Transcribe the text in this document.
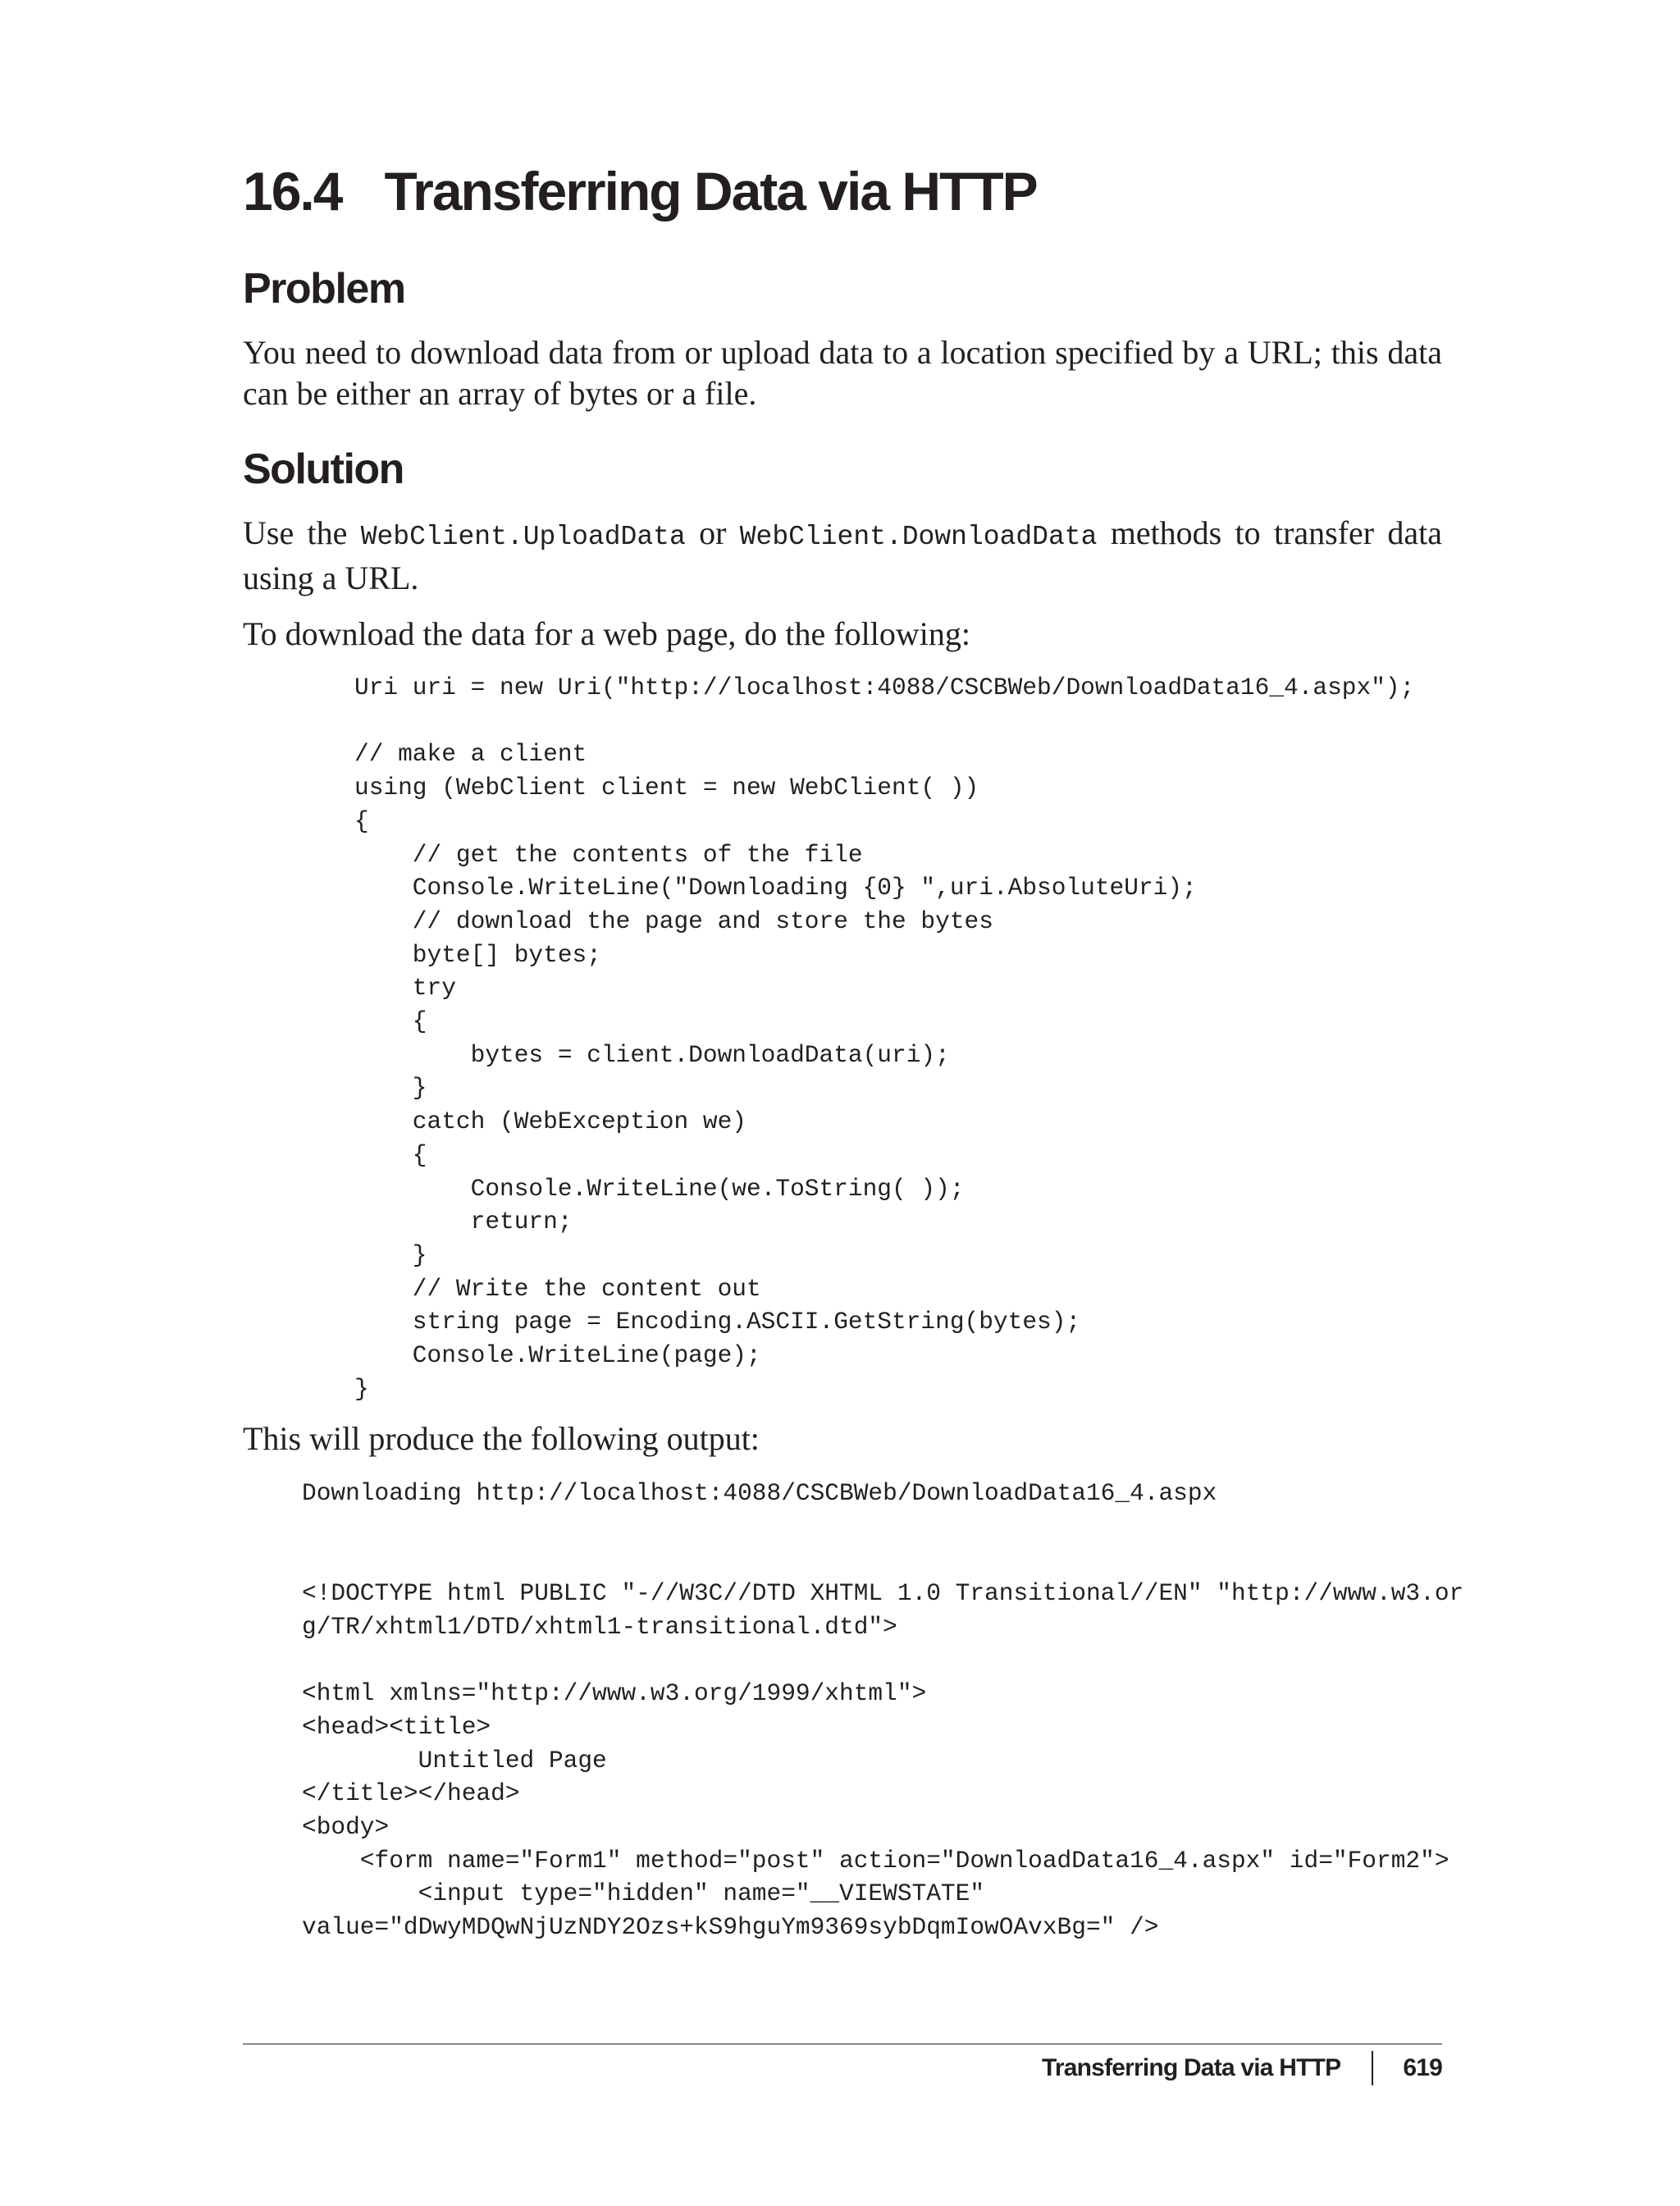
16.4 Transferring Data via HTTP
Problem

You need to download data from or upload data to a location specified by a URL; this data can be either an array of bytes or a file.

Solution

Use the WebClient.UploadData or WebClient.DownloadData methods to transfer data using a URL.

To download the data for a web page, do the following:

Uri uri = new Uri("http://localhost:4088/CSCBWeb/DownloadData16_4.aspx");

// make a client
using (WebClient client = new WebClient( ))
{
// get the contents of the file
Console.WriteLine("Downloading {0} ",uri.AbsoluteUri);
// download the page and store the bytes
byte[] bytes;
try
{
bytes = client.DownloadData(uri);
}
catch (WebException we)
{
Console.WriteLine(we.ToString( ));
return;
}
// Write the content out
string page = Encoding.ASCII.GetString(bytes);
Console.WriteLine(page);
}

This will produce the following output:

Downloading http://localhost:4088/CSCBWeb/DownloadData16_4.aspx

<!DOCTYPE html PUBLIC "-//W3C//DTD XHTML 1.0 Transitional//EN" "http://www.w3.or
g/TR/xhtml1/DTD/xhtml1-transitional.dtd">

<html xmlns="http://www.w3.org/1999/xhtml">
<head><title>
Untitled Page
</title></head>
<body>
<form name="Form1" method="post" action="DownloadData16_4.aspx" id="Form2">
<input type="hidden" name="__VIEWSTATE"
value="dDwyMDQwNjUzNDY2Ozs+kS9hguYm9369sybDqmIowOAvxBg=" />
Transferring Data via HTTP	619
